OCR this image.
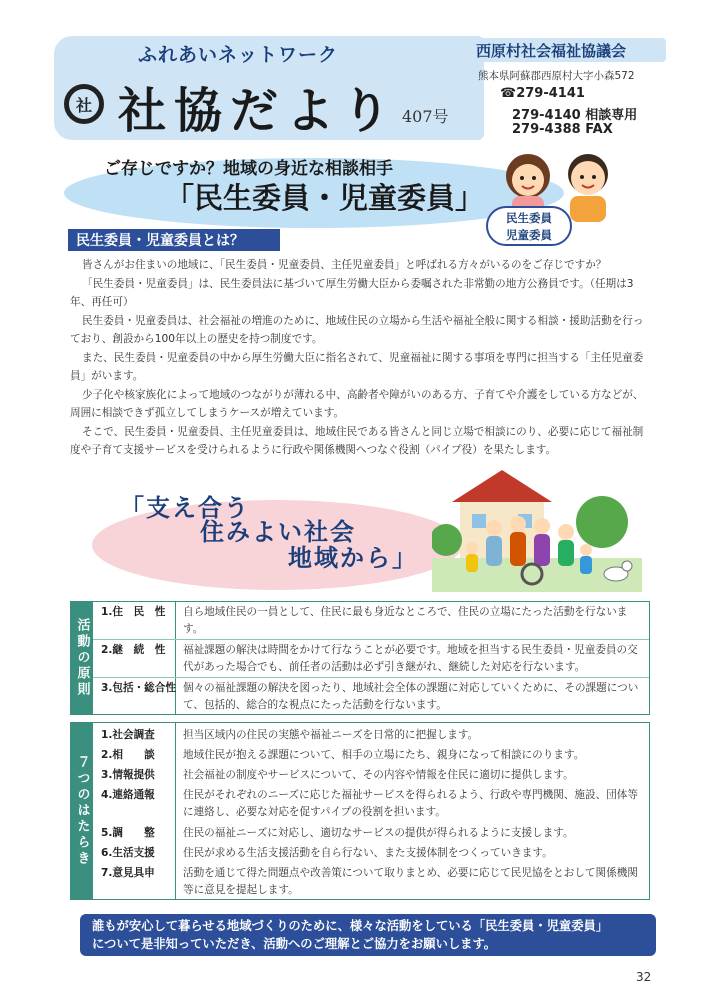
ふれあいネットワーク
社 社協だより 407号
西原村社会福祉協議会
熊本県阿蘇郡西原村大字小森572
☎279-4141
279-4140 相談専用
279-4388 FAX
ご存じですか？地域の身近な相談相手
「民生委員・児童委員」
民生委員
児童委員
民生委員・児童委員とは？

皆さんがお住まいの地域に、「民生委員・児童委員、主任児童委員」と呼ばれる方々がいるのをご存じですか？

「民生委員・児童委員」は、民生委員法に基づいて厚生労働大臣から委嘱された非常勤の地方公務員です。（任期は3年、再任可）

民生委員・児童委員は、社会福祉の増進のために、地域住民の立場から生活や福祉全般に関する相談・援助活動を行っており、創設から100年以上の歴史を持つ制度です。

また、民生委員・児童委員の中から厚生労働大臣に指名されて、児童福祉に関する事項を専門に担当する「主任児童委員」がいます。

少子化や核家族化によって地域のつながりが薄れる中、高齢者や障がいのある方、子育てや介護をしている方などが、周囲に相談できず孤立してしまうケースが増えています。

そこで、民生委員・児童委員、主任児童委員は、地域住民である皆さんと同じ立場で相談にのり、必要に応じて福祉制度や子育て支援サービスを受けられるように行政や関係機関へつなぐ役割（パイプ役）を果たします。

「支え合う
住みよい社会
地域から」
活動の原則
1.住　民　性	自ら地域住民の一員として、住民に最も身近なところで、住民の立場にたった活動を行ないます。
2.継　続　性	福祉課題の解決は時間をかけて行なうことが必要です。地域を担当する民生委員・児童委員の交代があった場合でも、前任者の活動は必ず引き継がれ、継続した対応を行ないます。
3.包括・総合性 個々の福祉課題の解決を図ったり、地域社会全体の課題に対応していくために、その課題について、包括的、総合的な視点にたった活動を行ないます。
７つのはたらき
1.社会調査	担当区域内の住民の実態や福祉ニーズを日常的に把握します。
2.相　　談	地域住民が抱える課題について、相手の立場にたち、親身になって相談にのります。
3.情報提供	社会福祉の制度やサービスについて、その内容や情報を住民に適切に提供します。
4.連絡通報	住民がそれぞれのニーズに応じた福祉サービスを得られるよう、行政や専門機関、施設、団体等に連絡し、必要な対応を促すパイプの役割を担います。
5.調　　整	住民の福祉ニーズに対応し、適切なサービスの提供が得られるように支援します。
6.生活支援	住民が求める生活支援活動を自ら行ない、また支援体制をつくっていきます。
7.意見具申	活動を通じて得た問題点や改善策について取りまとめ、必要に応じて民児協をとおして関係機関等に意見を提起します。
誰もが安心して暮らせる地域づくりのために、様々な活動をしている「民生委員・児童委員」
について是非知っていただき、活動へのご理解とご協力をお願いします。
32
